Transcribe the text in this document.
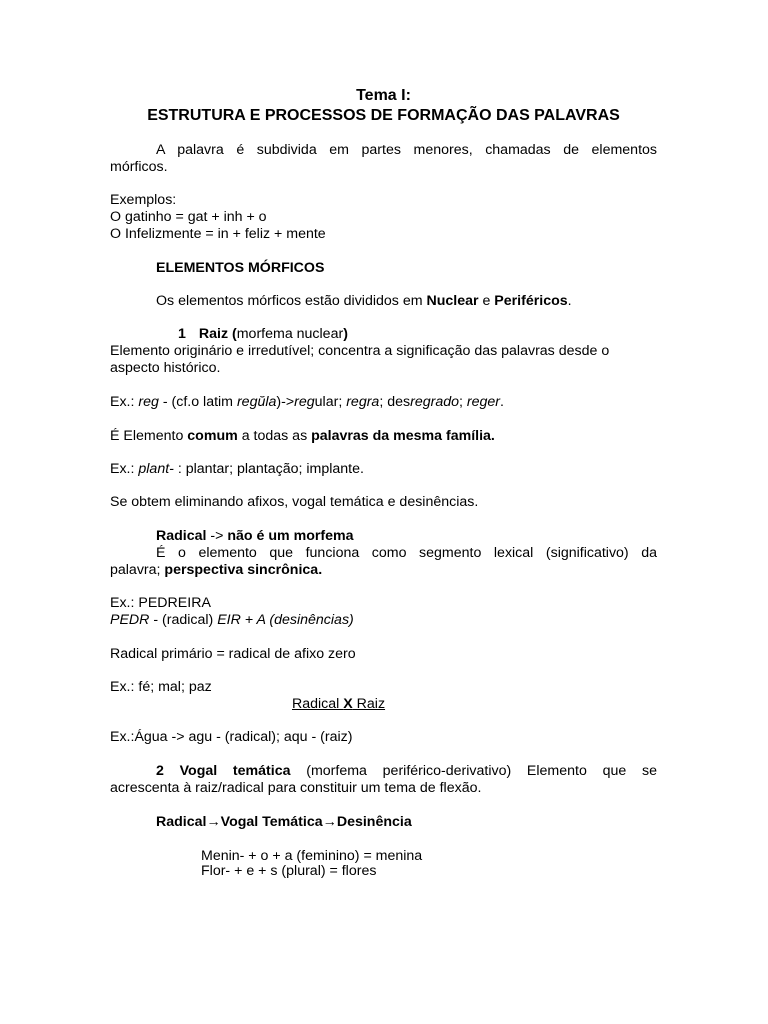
Tema I:
ESTRUTURA E PROCESSOS DE FORMAÇÃO DAS PALAVRAS
A palavra é subdivida em partes menores, chamadas de elementos
mórficos.
Exemplos:
O gatinho = gat + inh + o
O Infelizmente = in + feliz + mente
ELEMENTOS MÓRFICOS
Os elementos mórficos estão divididos em Nuclear e Periféricos.
1 Raiz (morfema nuclear)
Elemento originário e irredutível; concentra a significação das palavras desde o
aspecto histórico.
Ex.: reg - (cf.o latim regŭla)->regular; regra; desregrado; reger.
É Elemento comum a todas as palavras da mesma família.
Ex.: plant- : plantar; plantação; implante.
Se obtem eliminando afixos, vogal temática e desinências.
Radical -> não é um morfema
É o elemento que funciona como segmento lexical (significativo) da
palavra; perspectiva sincrônica.
Ex.: PEDREIRA
PEDR - (radical) EIR + A (desinências)
Radical primário = radical de afixo zero
Ex.: fé; mal; paz
Radical X Raiz
Ex.:Água -> agu - (radical); aqu - (raiz)
2 Vogal temática (morfema periférico-derivativo) Elemento que se
acrescenta à raiz/radical para constituir um tema de flexão.
Radical→Vogal Temática→Desinência
Menin- + o + a (feminino) = menina
Flor- + e + s (plural) = flores
